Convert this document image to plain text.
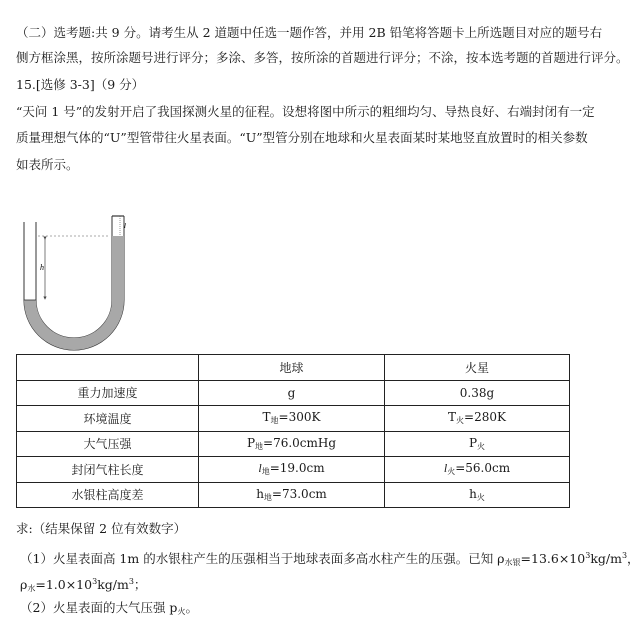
（二）选考题:共 9 分。请考生从 2 道题中任选一题作答，并用 2B 铅笔将答题卡上所选题目对应的题号右
侧方框涂黑，按所涂题号进行评分；多涂、多答，按所涂的首题进行评分；不涂，按本选考题的首题进行评分。
15.[选修 3-3]（9 分）
“天问 1 号”的发射开启了我国探测火星的征程。设想将图中所示的粗细均匀、导热良好、右端封闭有一定
质量理想气体的“U”型管带往火星表面。“U”型管分别在地球和火星表面某时某地竖直放置时的相关参数
如表所示。
h
l
	地球	火星
重力加速度	g	0.38g
环境温度	$T_地=300K$	$T_火=280K$
大气压强	$P_地=76.0cmHg$	$P_火$
封闭气柱长度	$l_地=19.0cm$	$l_火=56.0cm$
水银柱高度差	$h_地=73.0cm$	$h_火$
求:（结果保留 2 位有效数字）
（1）火星表面高 1m 的水银柱产生的压强相当于地球表面多高水柱产生的压强。已知 $\rho_{水银}=13.6\times 10^3kg/m^3$，
$\rho_水=1.0\times 10^3kg/m^3$；
（2）火星表面的大气压强 $p_火$。
